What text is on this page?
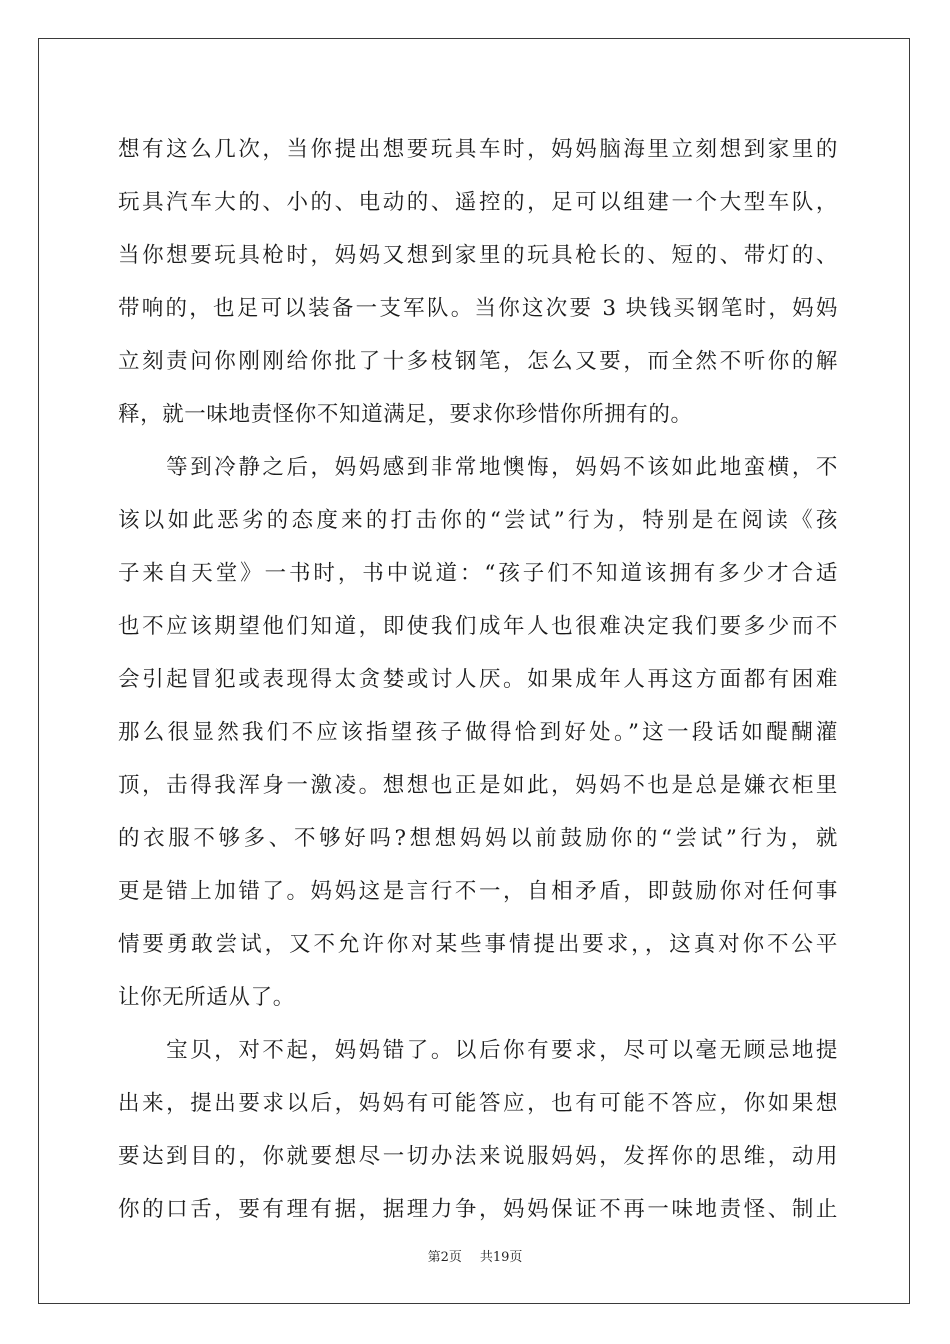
想有这么几次，当你提出想要玩具车时，妈妈脑海里立刻想到家里的
玩具汽车大的、小的、电动的、遥控的，足可以组建一个大型车队，
当你想要玩具枪时，妈妈又想到家里的玩具枪长的、短的、带灯的、
带响的，也足可以装备一支军队。当你这次要 3 块钱买钢笔时，妈妈
立刻责问你刚刚给你批了十多枝钢笔，怎么又要，而全然不听你的解
释，就一味地责怪你不知道满足，要求你珍惜你所拥有的。
　　等到冷静之后，妈妈感到非常地懊悔，妈妈不该如此地蛮横，不
该以如此恶劣的态度来的打击你的“尝试”行为，特别是在阅读《孩
子来自天堂》一书时，书中说道：“孩子们不知道该拥有多少才合适
也不应该期望他们知道，即使我们成年人也很难决定我们要多少而不
会引起冒犯或表现得太贪婪或讨人厌。如果成年人再这方面都有困难
那么很显然我们不应该指望孩子做得恰到好处。”这一段话如醍醐灌
顶，击得我浑身一激凌。想想也正是如此，妈妈不也是总是嫌衣柜里
的衣服不够多、不够好吗?想想妈妈以前鼓励你的“尝试”行为，就
更是错上加错了。妈妈这是言行不一，自相矛盾，即鼓励你对任何事
情要勇敢尝试，又不允许你对某些事情提出要求，，这真对你不公平
让你无所适从了。
　　宝贝，对不起，妈妈错了。以后你有要求，尽可以毫无顾忌地提
出来，提出要求以后，妈妈有可能答应，也有可能不答应，你如果想
要达到目的，你就要想尽一切办法来说服妈妈，发挥你的思维，动用
你的口舌，要有理有据，据理力争，妈妈保证不再一味地责怪、制止
第2页 共19页
